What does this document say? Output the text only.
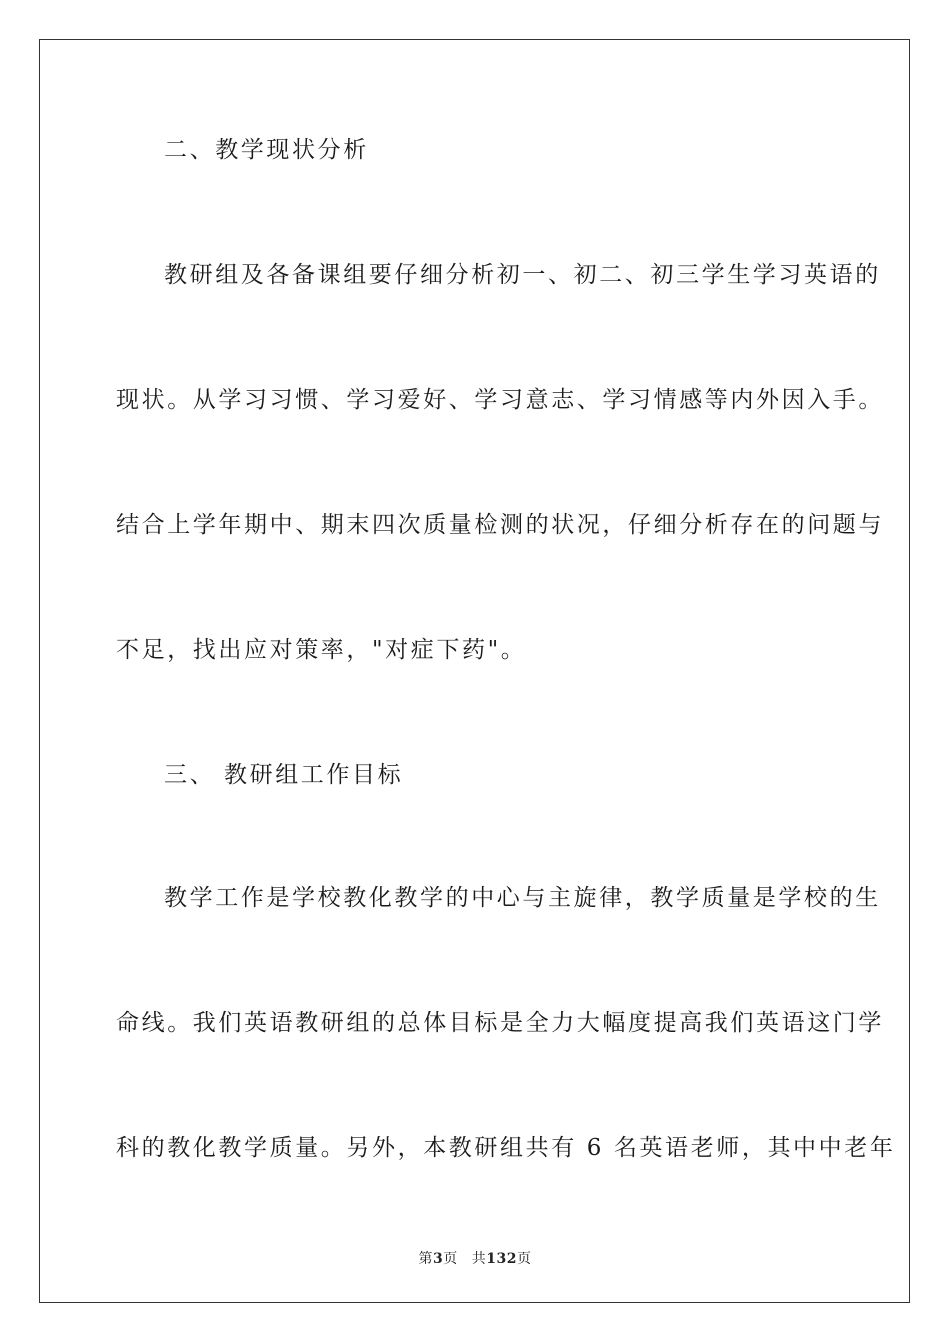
二、教学现状分析
教研组及各备课组要仔细分析初一、初二、初三学生学习英语的
现状。从学习习惯、学习爱好、学习意志、学习情感等内外因入手。
结合上学年期中、期末四次质量检测的状况，仔细分析存在的问题与
不足，找出应对策率，"对症下药"。
三、 教研组工作目标
教学工作是学校教化教学的中心与主旋律，教学质量是学校的生
命线。我们英语教研组的总体目标是全力大幅度提高我们英语这门学
科的教化教学质量。另外，本教研组共有 6 名英语老师，其中中老年
第3页 共132页
